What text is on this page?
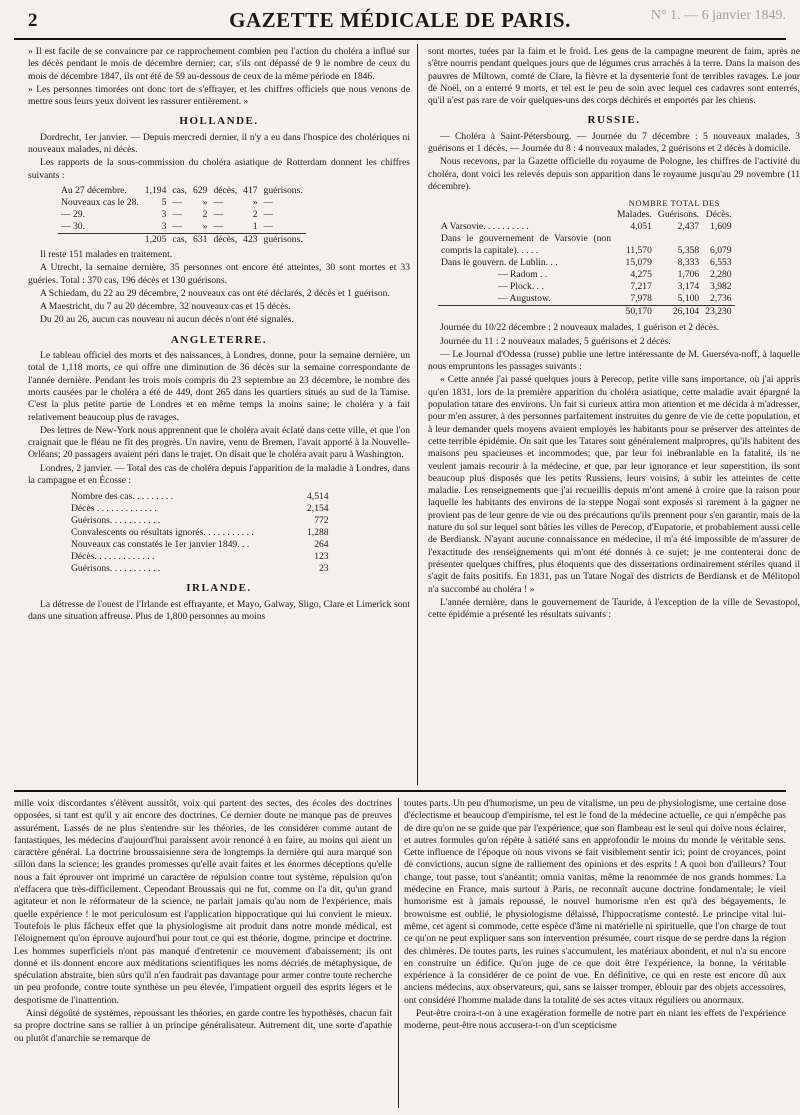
2	GAZETTE MÉDICALE DE PARIS.	N° 1. — 6 janvier 1849.

» Il est facile de se convaincre par ce rapprochement combien peu l'action du choléra a influé sur les décès pendant le mois de décembre dernier; car, s'ils ont dépassé de 9 le nombre de ceux du mois de décembre 1847, ils ont été de 59 au-dessous de ceux de la même période en 1846.

» Les personnes timorées ont donc tort de s'effrayer, et les chiffres officiels que nous venons de mettre sous leurs yeux doivent les rassurer entièrement. »

HOLLANDE.

Dordrecht, 1er janvier. — Depuis mercredi dernier, il n'y a eu dans l'hospice des cholériques ni nouveaux malades, ni décès.

Les rapports de la sous-commission du choléra asiatique de Rotterdam donnent les chiffres suivants :

Au 27 décembre.	1,194	cas,	629	décès,	417	guérisons.
Nouveaux cas le 28.	5	—	»	—	»	—
— 29.	3	—	2	—	2	—
— 30.	3	—	»	—	1	—
	1,205	cas,	631	décès,	423	guérisons.

Il reste 151 malades en traitement.

A Utrecht, la semaine dernière, 35 personnes ont encore été atteintes, 30 sont mortes et 33 guéries. Total : 370 cas, 196 décès et 130 guérisons.

A Schiedam, du 22 au 29 décembre, 2 nouveaux cas ont été déclarés, 2 décès et 1 guérison.

A Maestricht, du 7 au 20 décembre, 32 nouveaux cas et 15 décès.

Du 20 au 26, aucun cas nouveau ni aucun décès n'ont été signalés.

ANGLETERRE.

Le tableau officiel des morts et des naissances, à Londres, donne, pour la semaine dernière, un total de 1,118 morts, ce qui offre une diminution de 36 décès sur la semaine correspondante de l'année dernière. Pendant les trois mois compris du 23 septembre au 23 décembre, le nombre des morts causées par le choléra a été de 449, dont 265 dans les quartiers situés au sud de la Tamise. C'est la plus petite partie de Londres et en même temps la moins saine; le choléra y a fait relativement beaucoup plus de ravages.

Des lettres de New-York nous apprennent que le choléra avait éclaté dans cette ville, et que l'on craignait que le fléau ne fît des progrès. Un navire, venu de Bremen, l'avait apporté à la Nouvelle-Orléans; 20 passagers avaient péri dans le trajet. On disait que le choléra avait paru à Washington.

Londres, 2 janvier. — Total des cas de choléra depuis l'apparition de la maladie à Londres, dans la campagne et en Écosse :

Nombre des cas. . . . . . . . .	4,514
Décès . . . . . . . . . . . . .	2,154
Guérisons. . . . . . . . . . .	772
Convalescents ou résultats ignorés. . . . . . . . . . .	1,288
Nouveaux cas constatés le 1er janvier 1849. . .	264
Décès. . . . . . . . . . . . .	123
Guérisons. . . . . . . . . . .	23
IRLANDE.

La détresse de l'ouest de l'Irlande est effrayante, et Mayo, Galway, Sligo, Clare et Limerick sont dans une situation affreuse. Plus de 1,800 personnes au moins

sont mortes, tuées par la faim et le froid. Les gens de la campagne meurent de faim, après ne s'être nourris pendant quelques jours que de légumes crus arrachés à la terre. Dans la maison des pauvres de Miltown, comté de Clare, la fièvre et la dysenterie font de terribles ravages. Le jour de Noël, on a enterré 9 morts, et tel est le peu de soin avec lequel ces cadavres sont enterrés, qu'il n'est pas rare de voir quelques-uns des corps déchirés et emportés par les chiens.

RUSSIE.

— Choléra à Saint-Pétersbourg. — Journée du 7 décembre : 5 nouveaux malades, 3 guérisons et 1 décès. — Journée du 8 : 4 nouveaux malades, 2 guérisons et 2 décès à domicile.

Nous recevons, par la Gazette officielle du royaume de Pologne, les chiffres de l'activité du choléra, dont voici les relevés depuis son apparition dans le royaume jusqu'au 29 novembre (11 décembre).

	NOMBRE TOTAL DES		
	Malades.	Guérisons.	Décès.
A Varsovie. . . . . . . . . .	4,051	2,437	1,609
Dans le gouvernement de Varsovie (non compris la capitale). . . . .	11,570	5,358	6,079
Dans le gouvern. de Lublin. . .	15,079	8,333	6,553
— Radom . .	4,275	1,706	2,280
— Plock. . .	7,217	3,174	3,982
— Augustow.	7,978	5,100	2,736
	50,170	26,104	23,230

Journée du 10/22 décembre : 2 nouveaux malades, 1 guérison et 2 décès.

Journée du 11 : 2 nouveaux malades, 5 guérisons et 2 décès.

— Le Journal d'Odessa (russe) publie une lettre intéressante de M. Guerséva-noff, à laquelle nous empruntons les passages suivants :

« Cette année j'ai passé quelques jours à Perecop, petite ville sans importance, où j'ai appris qu'en 1831, lors de la première apparition du choléra asiatique, cette maladie avait épargné la population tatare des environs. Un fait si curieux attira mon attention et me décida à m'adresser, pour m'en assurer, à des personnes parfaitement instruites du genre de vie de cette population, et à leur demander quels moyens avaient employés les habitants pour se préserver des atteintes de cette terrible épidémie. On sait que les Tatares sont généralement malpropres, qu'ils habitent des maisons peu spacieuses et incommodes; que, par leur foi inébranlable en la fatalité, ils ne veulent jamais recourir à la médecine, et que, par leur ignorance et leur superstition, ils sont beaucoup plus disposés que les petits Russiens, leurs voisins, à subir les atteintes de cette maladie. Les renseignements que j'ai recueillis depuis m'ont amené à croire que la raison pour laquelle les habitants des environs de la steppe Nogaï sont exposés si rarement à la gagner ne provient pas de leur genre de vie ou des précautions qu'ils prennent pour s'en garantir, mais de la nature du sol sur lequel sont bâties les villes de Perecop, d'Eupatorie, et probablement aussi celle de Berdiansk. N'ayant aucune connaissance en médecine, il m'a été impossible de m'assurer de l'exactitude des renseignements qui m'ont été donnés à ce sujet; je me contenterai donc de présenter quelques chiffres, plus éloquents que des dissertations ordinairement stériles quand il s'agit de faits positifs. En 1831, pas un Tatare Nogaï des districts de Berdiansk et de Mélitopol n'a succombé au choléra ! »

L'année dernière, dans le gouvernement de Tauride, à l'exception de la ville de Sevastopol, cette épidémie a présenté les résultats suivants :

mille voix discordantes s'élèvent aussitôt, voix qui partent des sectes, des écoles des doctrines opposées, si tant est qu'il y ait encore des doctrines. Ce dernier doute ne manque pas de preuves assurément. Lassés de ne plus s'entendre sur les théories, de les considérer comme autant de fantastiques, les médecins d'aujourd'hui paraissent avoir renoncé à en faire, au moins qui aient un caractère général. La doctrine broussaisienne sera de longtemps la dernière qui aura marqué son sillon dans la science; les grandes promesses qu'elle avait faites et les énormes déceptions qu'elle nous a fait éprouver ont imprimé un caractère de répulsion contre tout système, répulsion qu'on n'effacera que très-difficilement. Cependant Broussais qui ne fut, comme on l'a dit, qu'un grand agitateur et non le réformateur de la science, ne parlait jamais qu'au nom de l'expérience, mais quelle expérience ! le mot periculosum est l'application hippocratique qui lui convient le mieux. Toutefois le plus fâcheux effet que la physiologisme ait produit dans notre monde médical, est l'éloignement qu'on éprouve aujourd'hui pour tout ce qui est théorie, dogme, principe et doctrine. Les hommes superficiels n'ont pas manqué d'entretenir ce mouvement d'abaissement; ils ont donné et ils donnent encore aux méditations scientifiques les noms décriés de métaphysique, de spéculation abstraite, bien sûrs qu'il n'en faudrait pas davantage pour armer contre toute recherche un peu profonde, contre toute synthèse un peu élevée, l'impatient orgueil des esprits légers et le despotisme de l'inattention.

Ainsi dégoûté de systèmes, repoussant les théories, en garde contre les hypothèses, chacun fait sa propre doctrine sans se rallier à un principe généralisateur. Autrement dit, une sorte d'apathie ou plutôt d'anarchie se remarque de

toutes parts. Un peu d'humorisme, un peu de vitalisme, un peu de physiologisme, une certaine dose d'éclectisme et beaucoup d'empirisme, tel est le fond de la médecine actuelle, ce qui n'empêche pas de dire qu'on ne se guide que par l'expérience, que son flambeau est le seul qui doive nous éclairer, et autres formules qu'on répète à satiété sans en approfondir le moins du monde le véritable sens. Cette influence de l'époque où nous vivons se fait visiblement sentir ici; point de croyances, point de convictions, aucun signe de ralliement des opinions et des esprits ! A quoi bon d'ailleurs? Tout change, tout passe, tout s'anéantit; omnia vanitas, même la renommée de nos grands hommes. La médecine en France, mais surtout à Paris, ne reconnaît aucune doctrine fondamentale; le vieil humorisme est à jamais repoussé, le nouvel humorisme n'en est qu'à des bégayements, le brownisme est oublié, le physiologisme délaissé, l'hippocratisme contesté. Le principe vital lui-même, cet agent si commode, cette espèce d'âme ni matérielle ni spirituelle, que l'on charge de tout ce qu'on ne peut expliquer sans son intervention présumée, court risque de se perdre dans la région des chimères. De toutes parts, les ruines s'accumulent, les matériaux abondent, et nul n'a su encore en construire un édifice. Qu'on juge de ce que doit être l'expérience, la bonne, la véritable expérience à la considérer de ce point de vue. En définitive, ce qui en reste est encore dû aux anciens médecins, aux observateurs, qui, sans se laisser tromper, éblouir par des objets accessoires, ont considéré l'homme malade dans la totalité de ses actes vitaux réguliers ou anormaux.

Peut-être croira-t-on à une exagération formelle de notre part en niant les effets de l'expérience moderne, peut-être nous accusera-t-on d'un scepticisme
